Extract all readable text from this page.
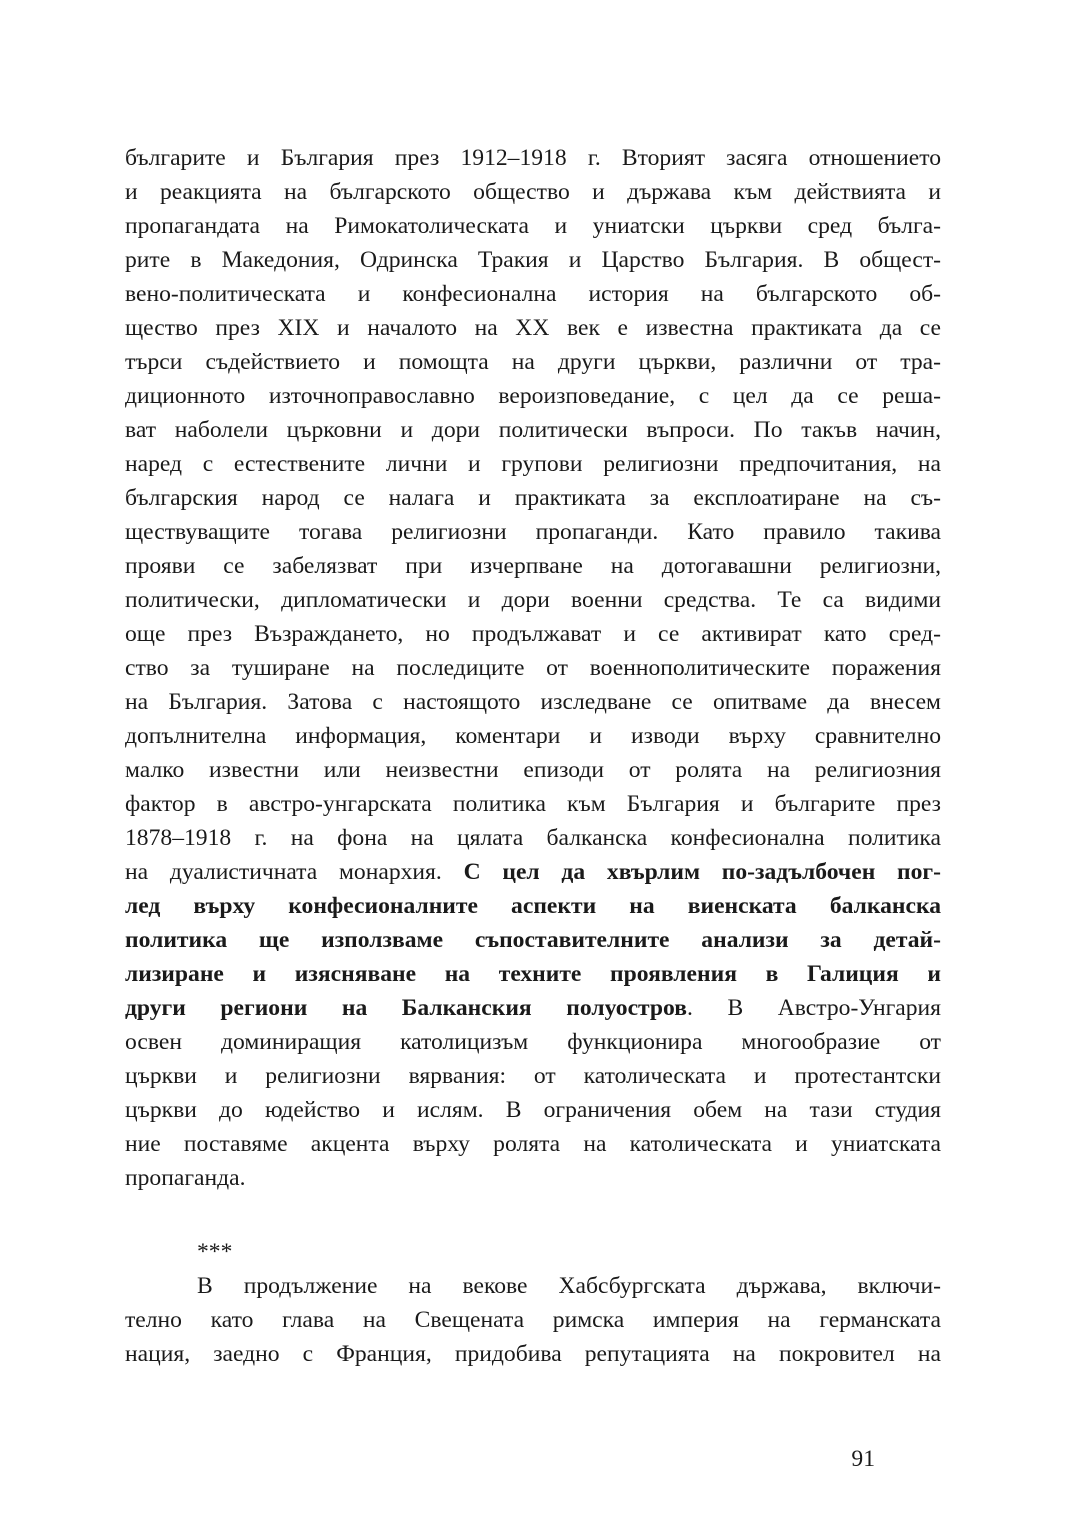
българите и България през 1912–1918 г. Вторият засяга отношението
и реакцията на българското общество и държава към действията и
пропагандата на Римокатолическата и униатски църкви сред бълга-
рите в Македония, Одринска Тракия и Царство България. В общест-
вено-политическата и конфесионална история на българското об-
щество през XIX и началото на XX век е известна практиката да се
търси съдействието и помощта на други църкви, различни от тра-
диционното източноправославно вероизповедание, с цел да се реша-
ват наболели църковни и дори политически въпроси. По такъв начин,
наред с естествените лични и групови религиозни предпочитания, на
българския народ се налага и практиката за експлоатиране на съ-
ществуващите тогава религиозни пропаганди. Като правило такива
прояви се забелязват при изчерпване на дотогавашни религиозни,
политически, дипломатически и дори военни средства. Те са видими
още през Възраждането, но продължават и се активират като сред-
ство за туширане на последиците от военнополитическите поражения
на България. Затова с настоящото изследване се опитваме да внесем
допълнителна информация, коментари и изводи върху сравнително
малко известни или неизвестни епизоди от ролята на религиозния
фактор в австро-унгарската политика към България и българите през
1878–1918 г. на фона на цялата балканска конфесионална политика
на дуалистичната монархия. С цел да хвърлим по-задълбочен пог-
лед върху конфесионалните аспекти на виенската балканска
политика ще използваме съпоставителните анализи за детай-
лизиране и изясняване на техните проявления в Галиция и
други региони на Балканския полуостров. В Австро-Унгария
освен доминиращия католицизъм функционира многообразие от
църкви и религиозни вярвания: от католическата и протестантски
църкви до юдейство и ислям. В ограничения обем на тази студия
ние поставяме акцента върху ролята на католическата и униатската
пропаганда.
***
В продължение на векове Хабсбургската държава, включи-
телно като глава на Свещената римска империя на германската
нация, заедно с Франция, придобива репутацията на покровител на
91
